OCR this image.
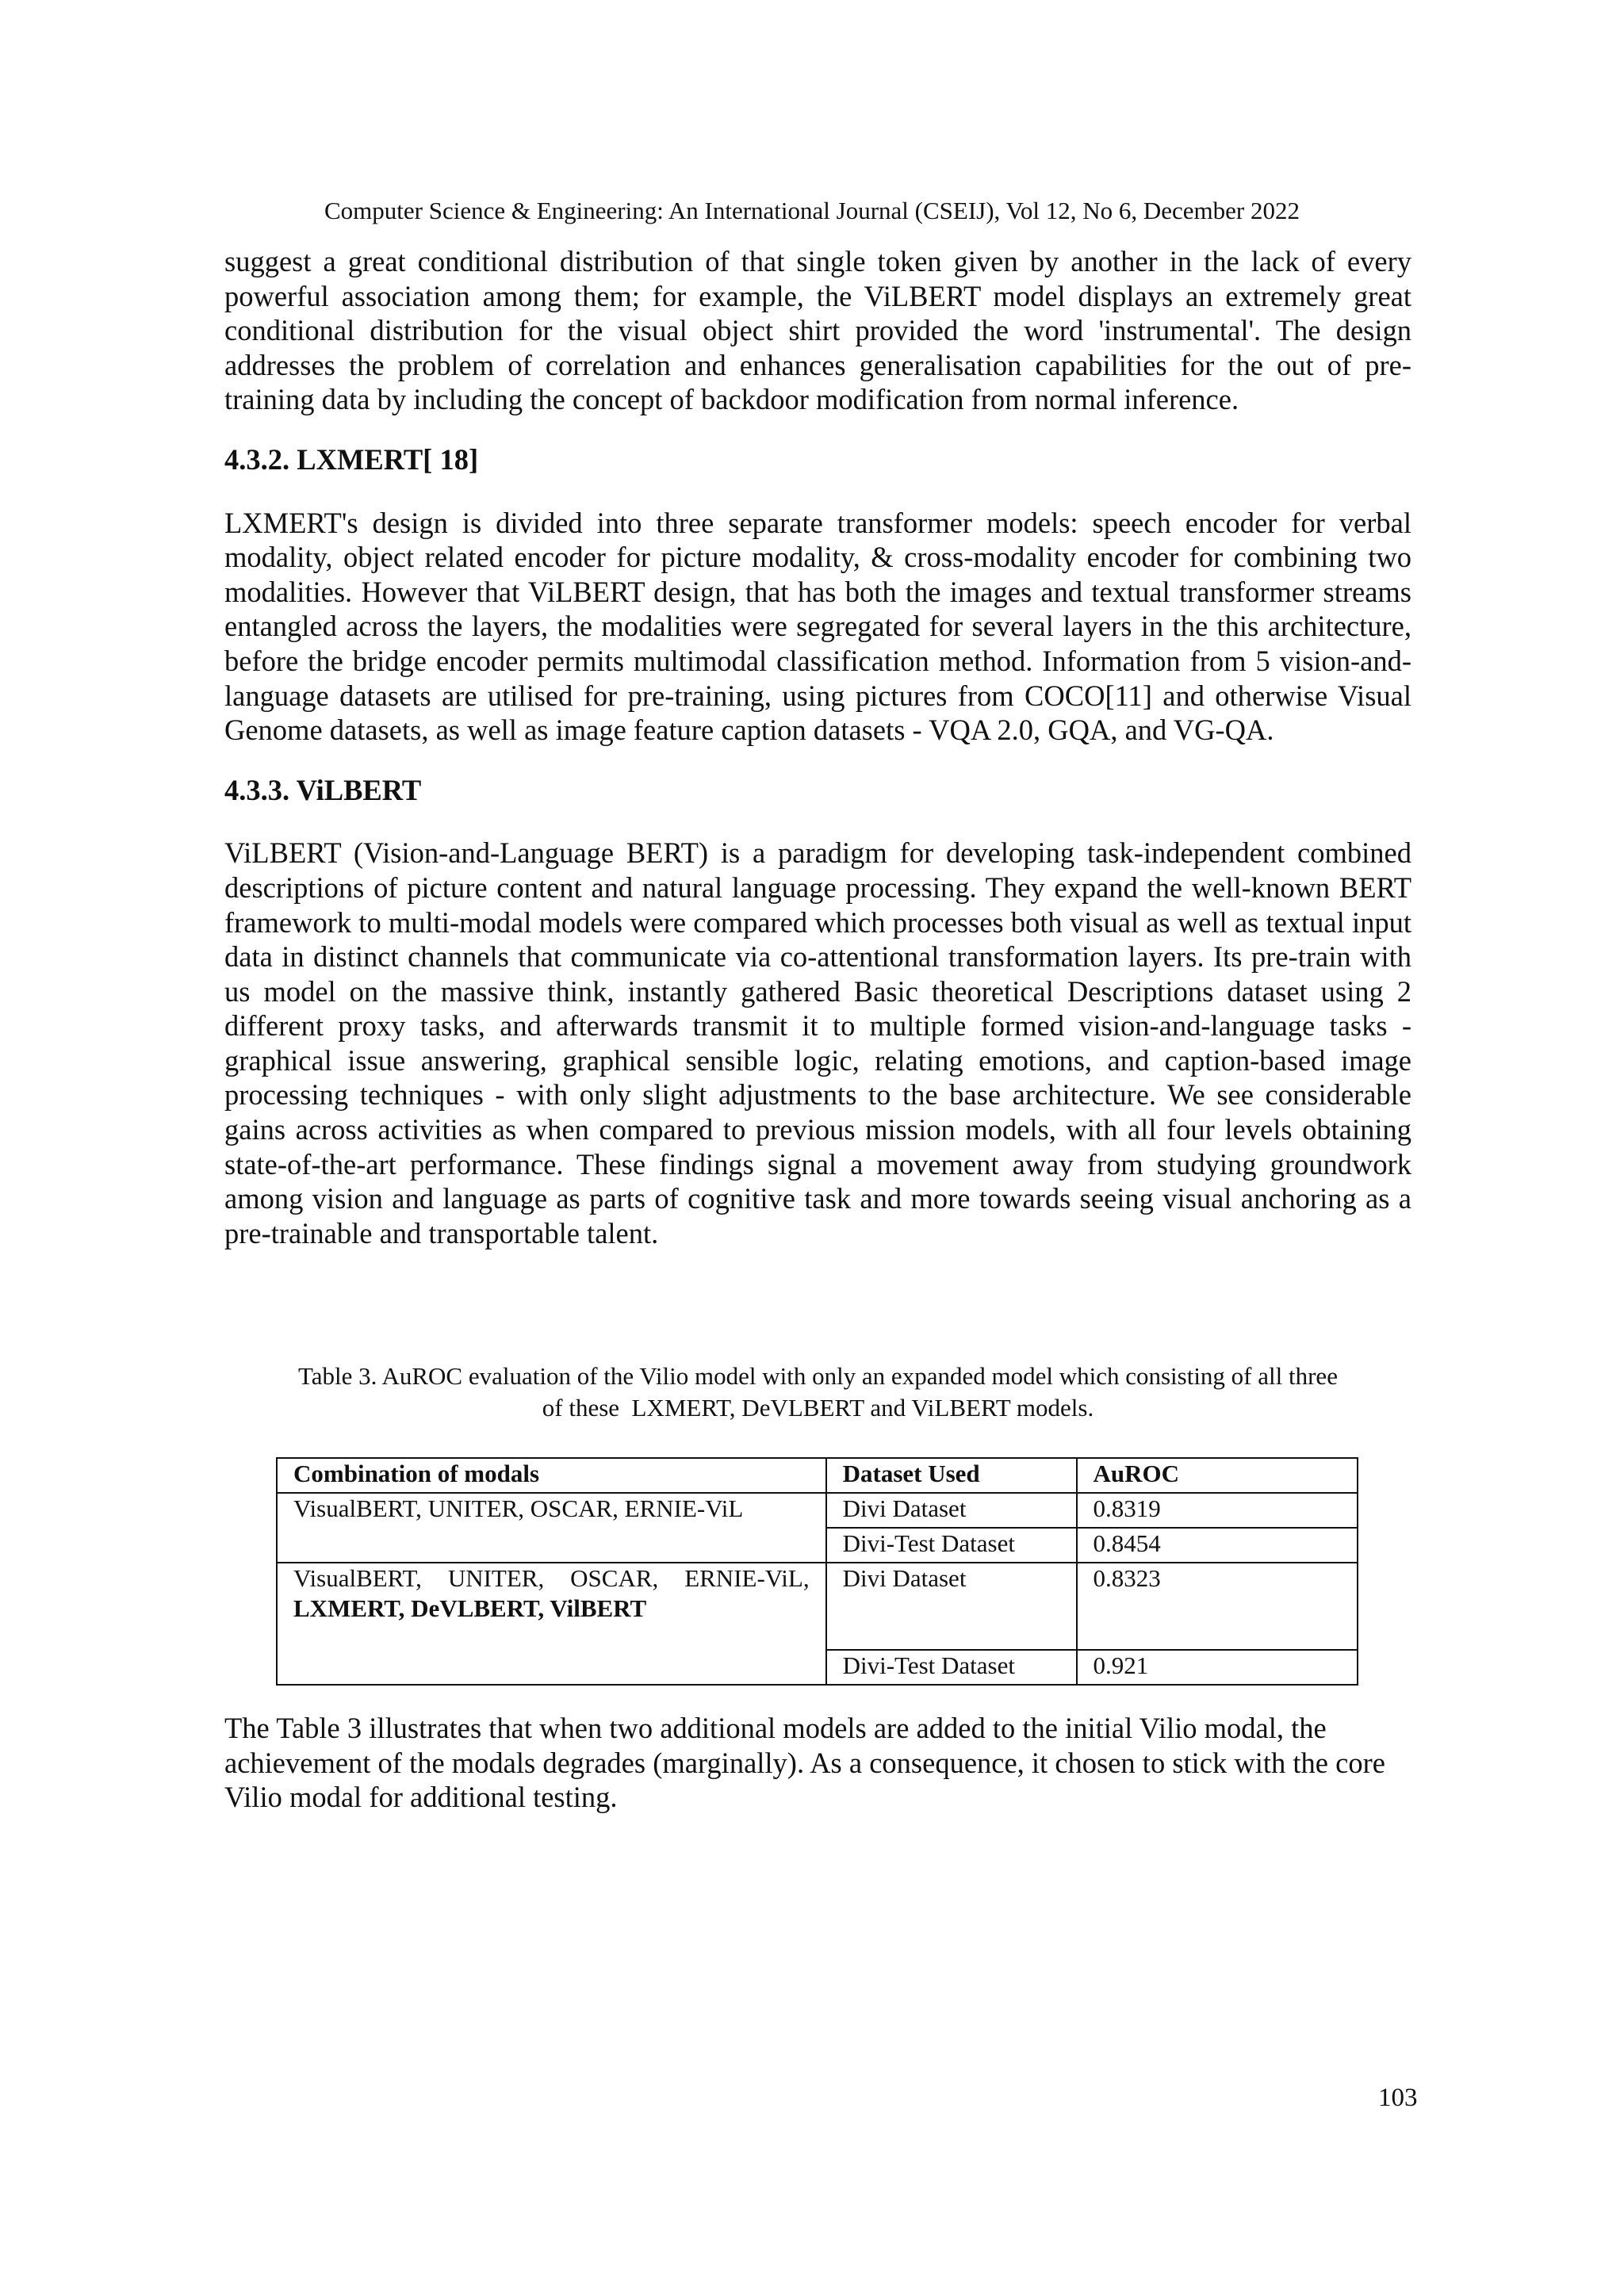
Computer Science & Engineering: An International Journal (CSEIJ), Vol 12, No 6, December 2022

suggest a great conditional distribution of that single token given by another in the lack of every powerful association among them; for example, the ViLBERT model displays an extremely great conditional distribution for the visual object shirt provided the word 'instrumental'. The design addresses the problem of correlation and enhances generalisation capabilities for the out of pre-training data by including the concept of backdoor modification from normal inference.

4.3.2. LXMERT[ 18]

LXMERT's design is divided into three separate transformer models: speech encoder for verbal modality, object related encoder for picture modality, & cross-modality encoder for combining two modalities. However that ViLBERT design, that has both the images and textual transformer streams entangled across the layers, the modalities were segregated for several layers in the this architecture, before the bridge encoder permits multimodal classification method. Information from 5 vision-and-language datasets are utilised for pre-training, using pictures from COCO[11] and otherwise Visual Genome datasets, as well as image feature caption datasets - VQA 2.0, GQA, and VG-QA.

4.3.3. ViLBERT

ViLBERT (Vision-and-Language BERT) is a paradigm for developing task-independent combined descriptions of picture content and natural language processing. They expand the well-known BERT framework to multi-modal models were compared which processes both visual as well as textual input data in distinct channels that communicate via co-attentional transformation layers. Its pre-train with us model on the massive think, instantly gathered Basic theoretical Descriptions dataset using 2 different proxy tasks, and afterwards transmit it to multiple formed vision-and-language tasks - graphical issue answering, graphical sensible logic, relating emotions, and caption-based image processing techniques - with only slight adjustments to the base architecture. We see considerable gains across activities as when compared to previous mission models, with all four levels obtaining state-of-the-art performance. These findings signal a movement away from studying groundwork among vision and language as parts of cognitive task and more towards seeing visual anchoring as a pre-trainable and transportable talent.

Table 3. AuROC evaluation of the Vilio model with only an expanded model which consisting of all three
of these  LXMERT, DeVLBERT and ViLBERT models.
Combination of modals	Dataset Used	AuROC
VisualBERT, UNITER, OSCAR, ERNIE-ViL	Divi Dataset	0.8319
	Divi-Test Dataset	0.8454

VisualBERT, UNITER, OSCAR, ERNIE-ViL,
LXMERT, DeVLBERT, VilBERT	Divi Dataset	0.8323
	Divi-Test Dataset	0.921

The Table 3 illustrates that when two additional models are added to the initial Vilio modal, the achievement of the modals degrades (marginally). As a consequence, it chosen to stick with the core Vilio modal for additional testing.

103
